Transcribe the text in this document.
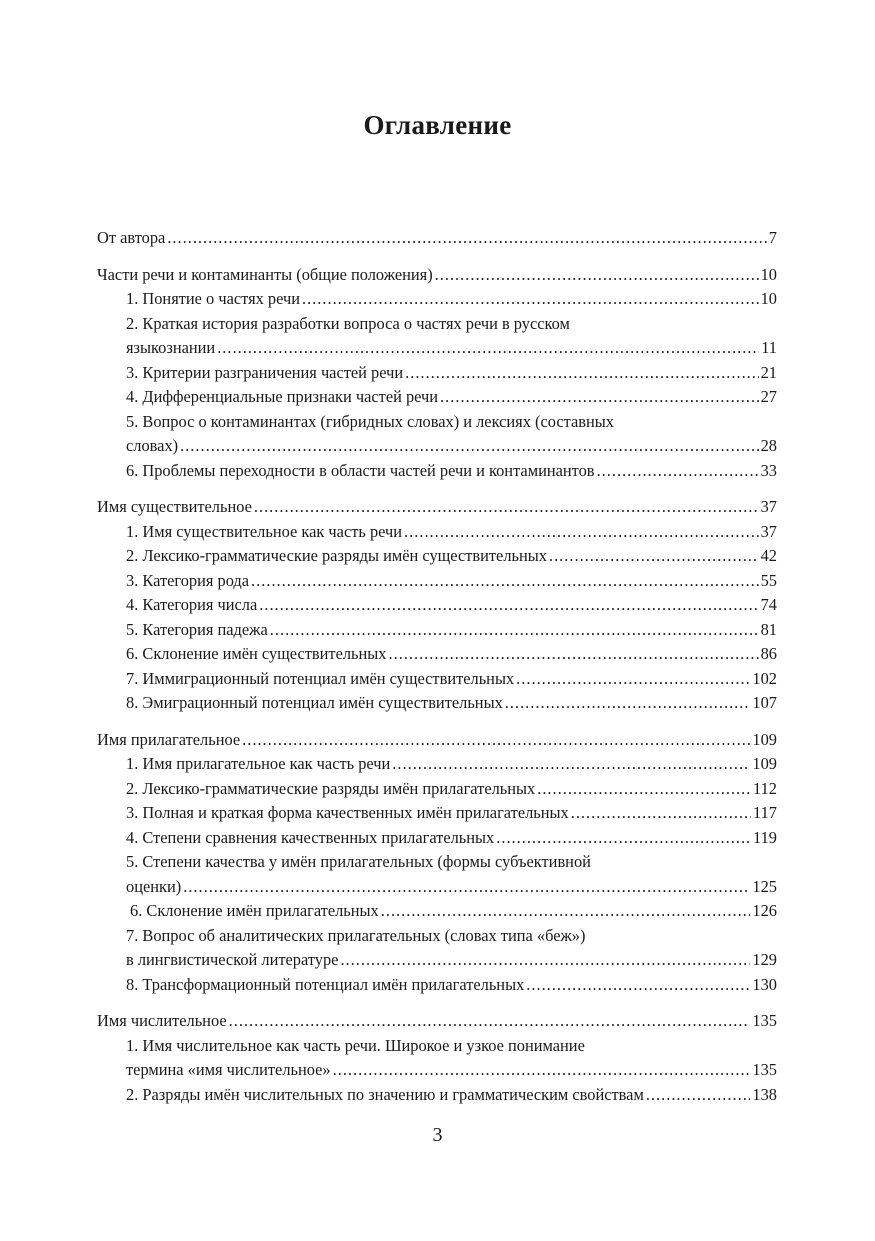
Оглавление
От автора .....	7
Части речи и контаминанты (общие положения) .....	10
1. Понятие о частях речи .....	10
2. Краткая история разработки вопроса о частях речи в русском
языкознании .....	11
3. Критерии разграничения частей речи .....	21
4. Дифференциальные признаки частей речи .....	27
5. Вопрос о контаминантах (гибридных словах) и лексиях (составных
словах) .....	28
6. Проблемы переходности в области частей речи и контаминантов .....	33
Имя существительное .....	37
1. Имя существительное как часть речи .....	37
2. Лексико-грамматические разряды имён существительных .....	42
3. Категория рода .....	55
4. Категория числа .....	74
5. Категория падежа .....	81
6. Склонение имён существительных .....	86
7. Иммиграционный потенциал имён существительных .....	102
8. Эмиграционный потенциал имён существительных .....	107
Имя прилагательное .....	109
1. Имя прилагательное как часть речи .....	109
2. Лексико-грамматические разряды имён прилагательных .....	112
3. Полная и краткая форма качественных имён прилагательных .....	117
4. Степени сравнения качественных прилагательных .....	119
5. Степени качества у имён прилагательных (формы субъективной
оценки) .....	125
6. Склонение имён прилагательных .....	126
7. Вопрос об аналитических прилагательных (словах типа «беж»)
в лингвистической литературе .....	129
8. Трансформационный потенциал имён прилагательных .....	130
Имя числительное .....	135
1. Имя числительное как часть речи. Широкое и узкое понимание
термина «имя числительное» .....	135
2. Разряды имён числительных по значению и грамматическим свойствам .....	138
3
